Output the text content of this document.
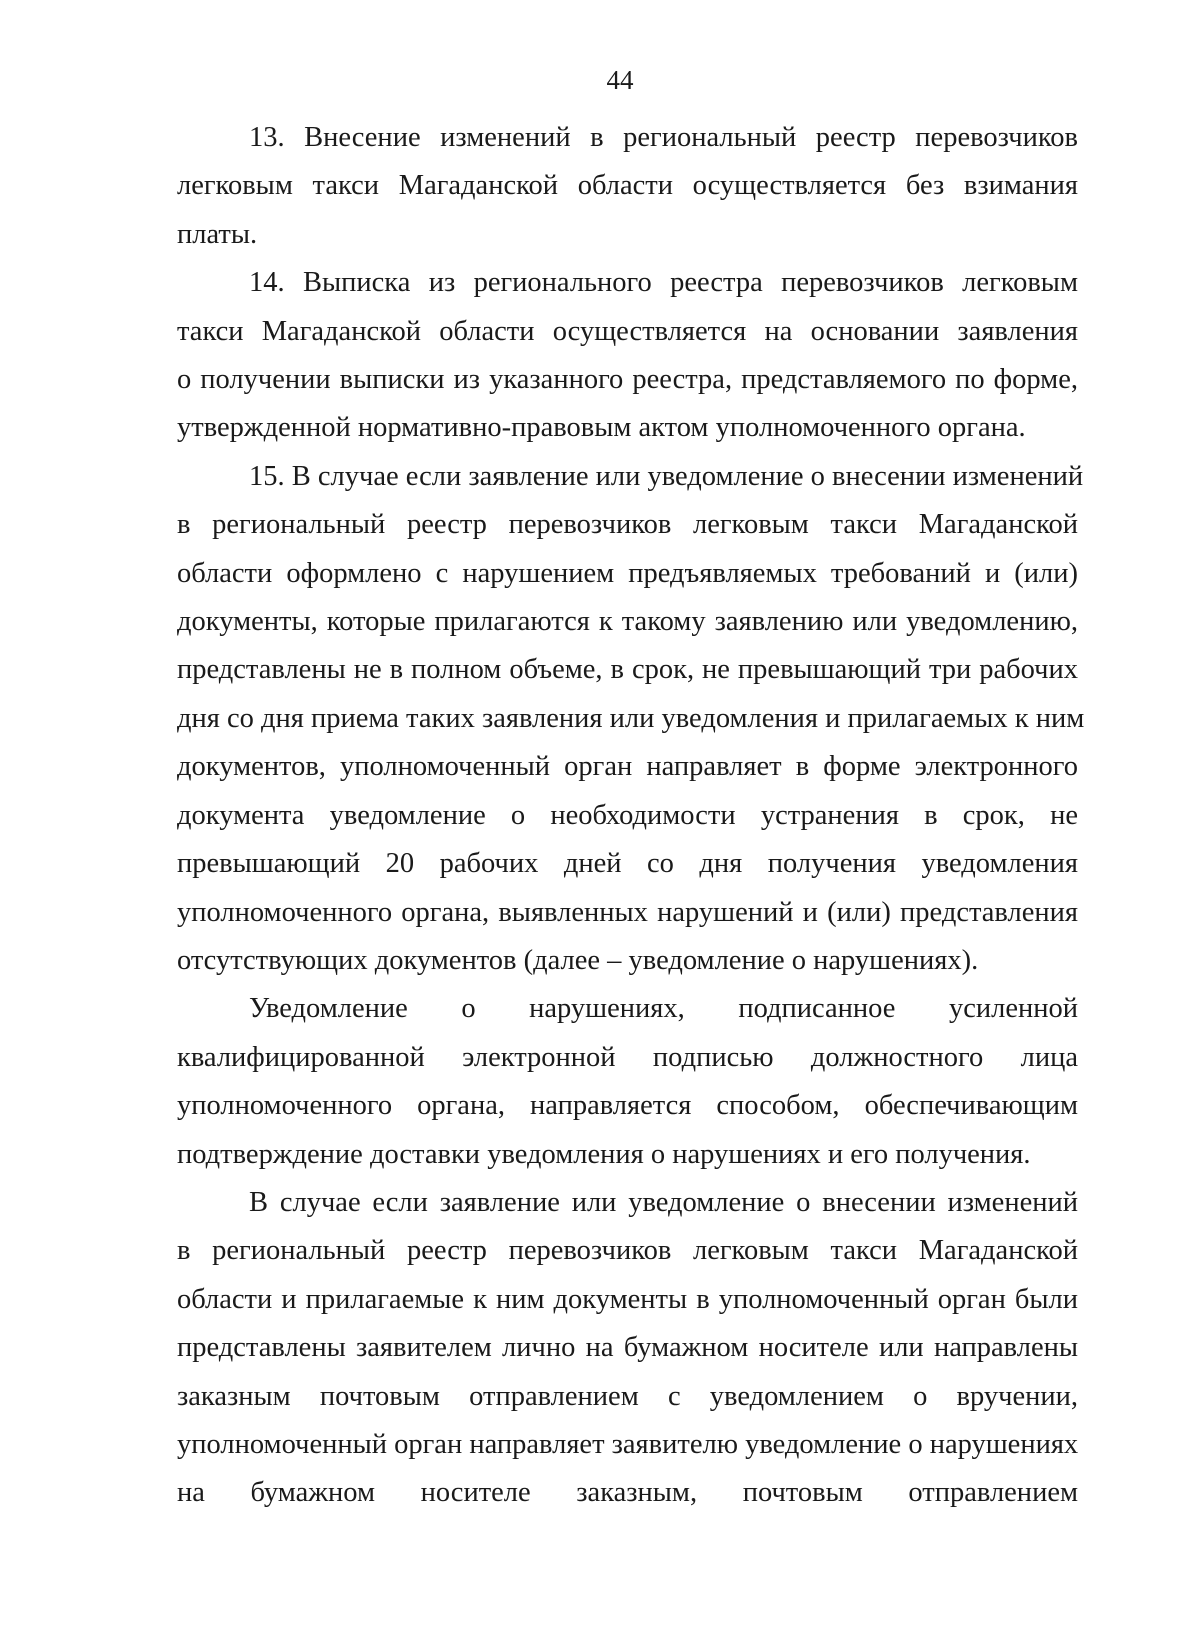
44
13. Внесение изменений в региональный реестр перевозчиков
легковым такси Магаданской области осуществляется без взимания
платы.
14. Выписка из регионального реестра перевозчиков легковым
такси Магаданской области осуществляется на основании заявления
о получении выписки из указанного реестра, представляемого по форме,
утвержденной нормативно-правовым актом уполномоченного органа.
15. В случае если заявление или уведомление о внесении изменений
в региональный реестр перевозчиков легковым такси Магаданской
области оформлено с нарушением предъявляемых требований и (или)
документы, которые прилагаются к такому заявлению или уведомлению,
представлены не в полном объеме, в срок, не превышающий три рабочих
дня со дня приема таких заявления или уведомления и прилагаемых к ним
документов, уполномоченный орган направляет в форме электронного
документа уведомление о необходимости устранения в срок, не
превышающий 20 рабочих дней со дня получения уведомления
уполномоченного органа, выявленных нарушений и (или) представления
отсутствующих документов (далее – уведомление о нарушениях).
Уведомление о нарушениях, подписанное усиленной
квалифицированной электронной подписью должностного лица
уполномоченного органа, направляется способом, обеспечивающим
подтверждение доставки уведомления о нарушениях и его получения.
В случае если заявление или уведомление о внесении изменений
в региональный реестр перевозчиков легковым такси Магаданской
области и прилагаемые к ним документы в уполномоченный орган были
представлены заявителем лично на бумажном носителе или направлены
заказным почтовым отправлением с уведомлением о вручении,
уполномоченный орган направляет заявителю уведомление о нарушениях
на бумажном носителе заказным, почтовым отправлением
